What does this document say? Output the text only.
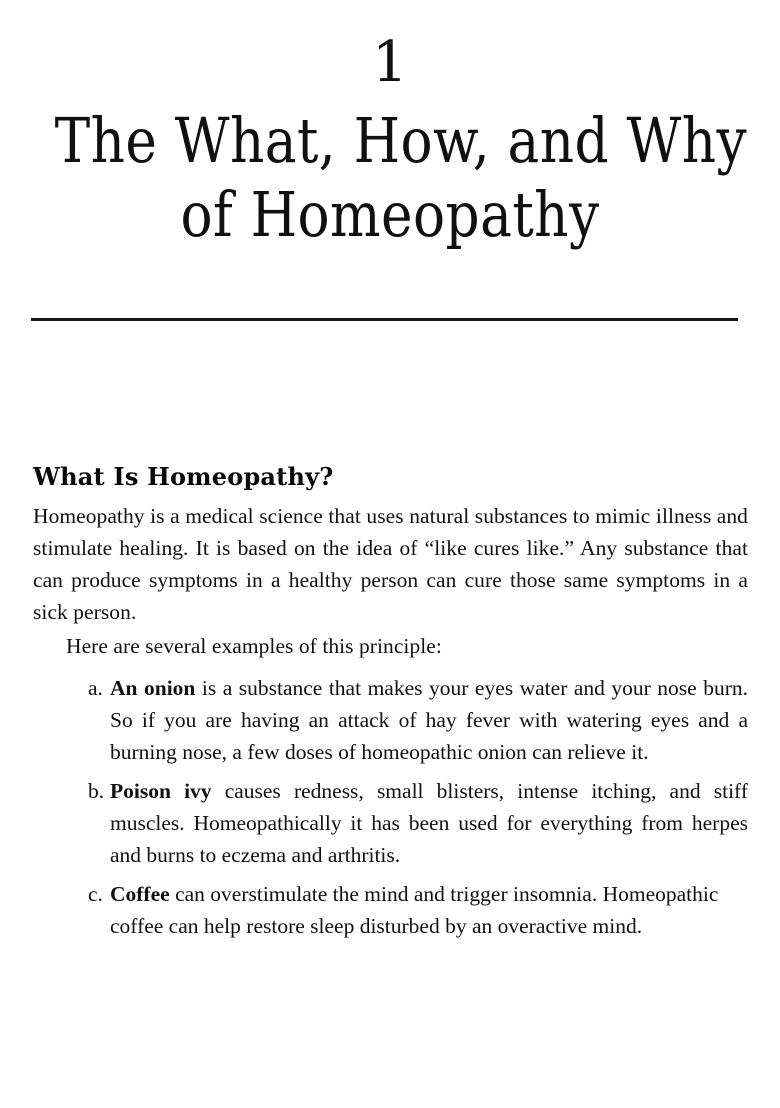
1
The What, How, and Why
of Homeopathy
What Is Homeopathy?

Homeopathy is a medical science that uses natural substances to mimic illness and stimulate healing. It is based on the idea of “like cures like.” Any substance that can produce symptoms in a healthy person can cure those same symptoms in a sick person.

Here are several examples of this principle:

a. An onion is a substance that makes your eyes water and your nose burn. So if you are having an attack of hay fever with watering eyes and a burning nose, a few doses of homeopathic onion can relieve it.
b. Poison ivy causes redness, small blisters, intense itching, and stiff muscles. Homeopathically it has been used for everything from herpes and burns to eczema and arthritis.
c. Coffee can overstimulate the mind and trigger insomnia. Homeopathic coffee can help restore sleep disturbed by an overactive mind.
